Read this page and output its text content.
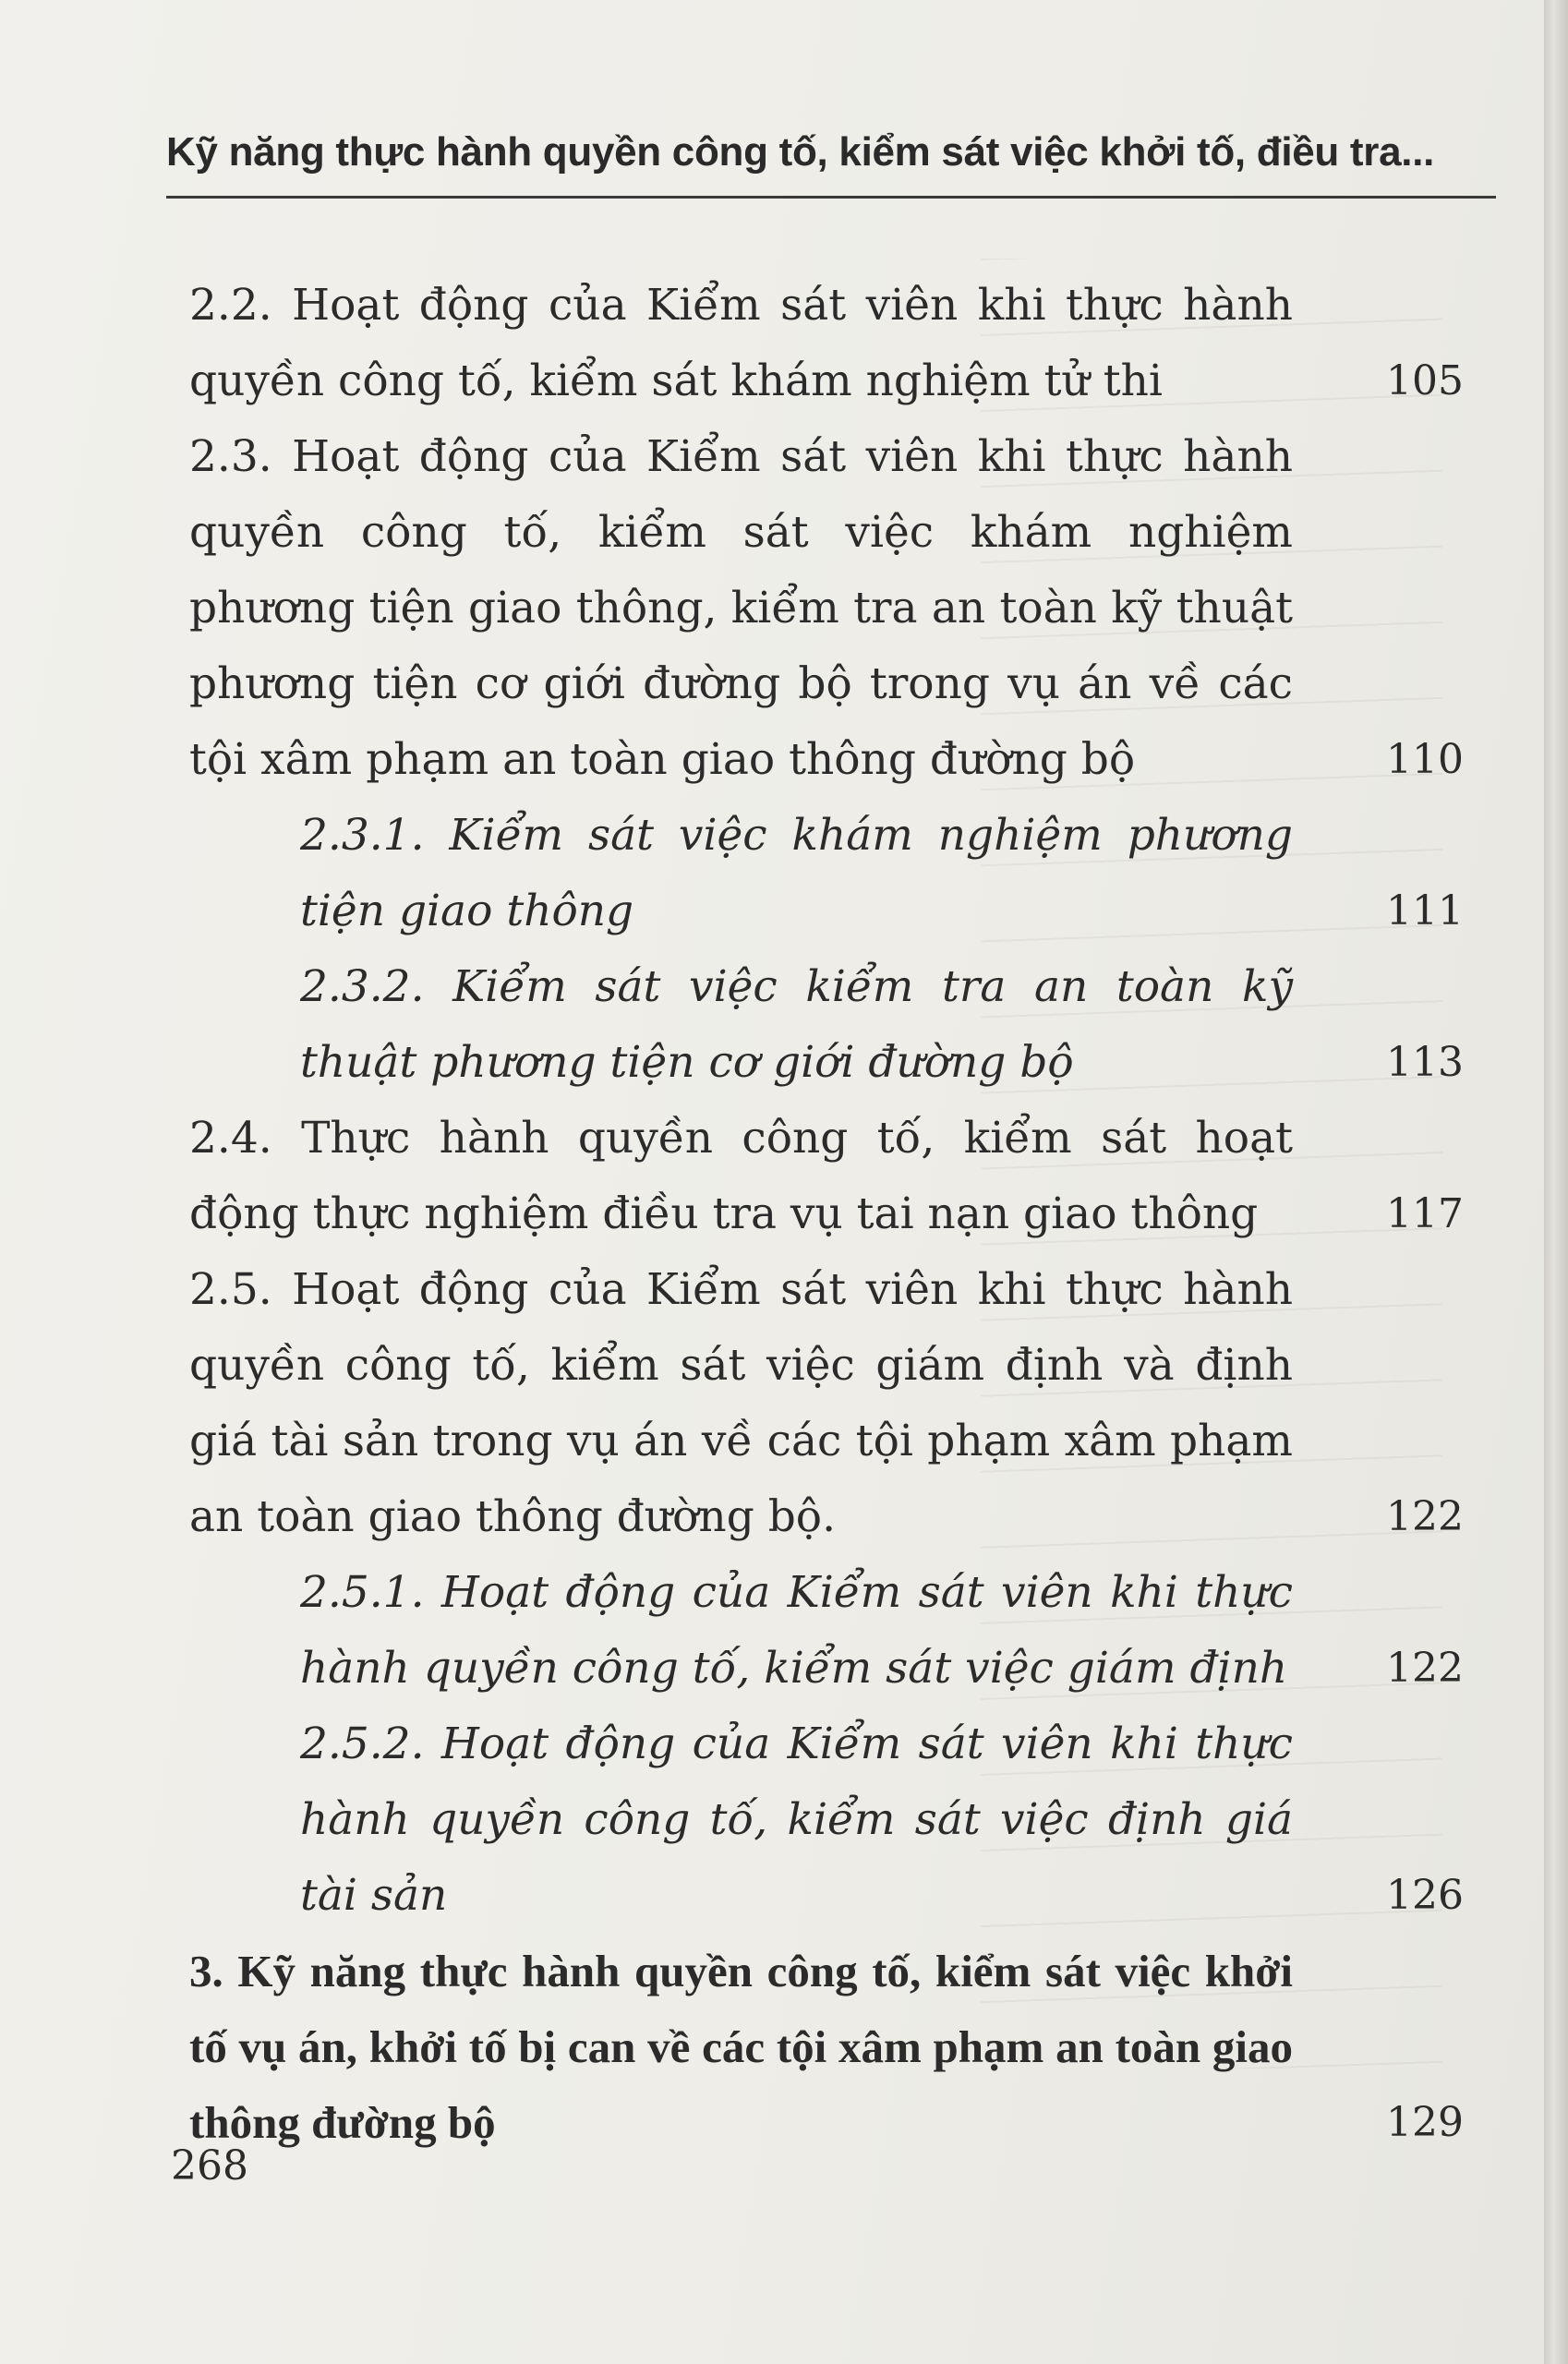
Kỹ năng thực hành quyền công tố, kiểm sát việc khởi tố, điều tra...
2.2. Hoạt động của Kiểm sát viên khi thực hành quyền công tố, kiểm sát khám nghiệm tử thi	105
2.3. Hoạt động của Kiểm sát viên khi thực hành quyền công tố, kiểm sát việc khám nghiệm phương tiện giao thông, kiểm tra an toàn kỹ thuật phương tiện cơ giới đường bộ trong vụ án về các tội xâm phạm an toàn giao thông đường bộ	110
2.3.1. Kiểm sát việc khám nghiệm phương tiện giao thông	111
2.3.2. Kiểm sát việc kiểm tra an toàn kỹ thuật phương tiện cơ giới đường bộ	113
2.4. Thực hành quyền công tố, kiểm sát hoạt động thực nghiệm điều tra vụ tai nạn giao thông	117
2.5. Hoạt động của Kiểm sát viên khi thực hành quyền công tố, kiểm sát việc giám định và định giá tài sản trong vụ án về các tội phạm xâm phạm an toàn giao thông đường bộ.	122
2.5.1. Hoạt động của Kiểm sát viên khi thực hành quyền công tố, kiểm sát việc giám định 122
2.5.2. Hoạt động của Kiểm sát viên khi thực hành quyền công tố, kiểm sát việc định giá tài sản	126
3. Kỹ năng thực hành quyền công tố, kiểm sát việc khởi tố vụ án, khởi tố bị can về các tội xâm phạm an toàn giao thông đường bộ	129
268
